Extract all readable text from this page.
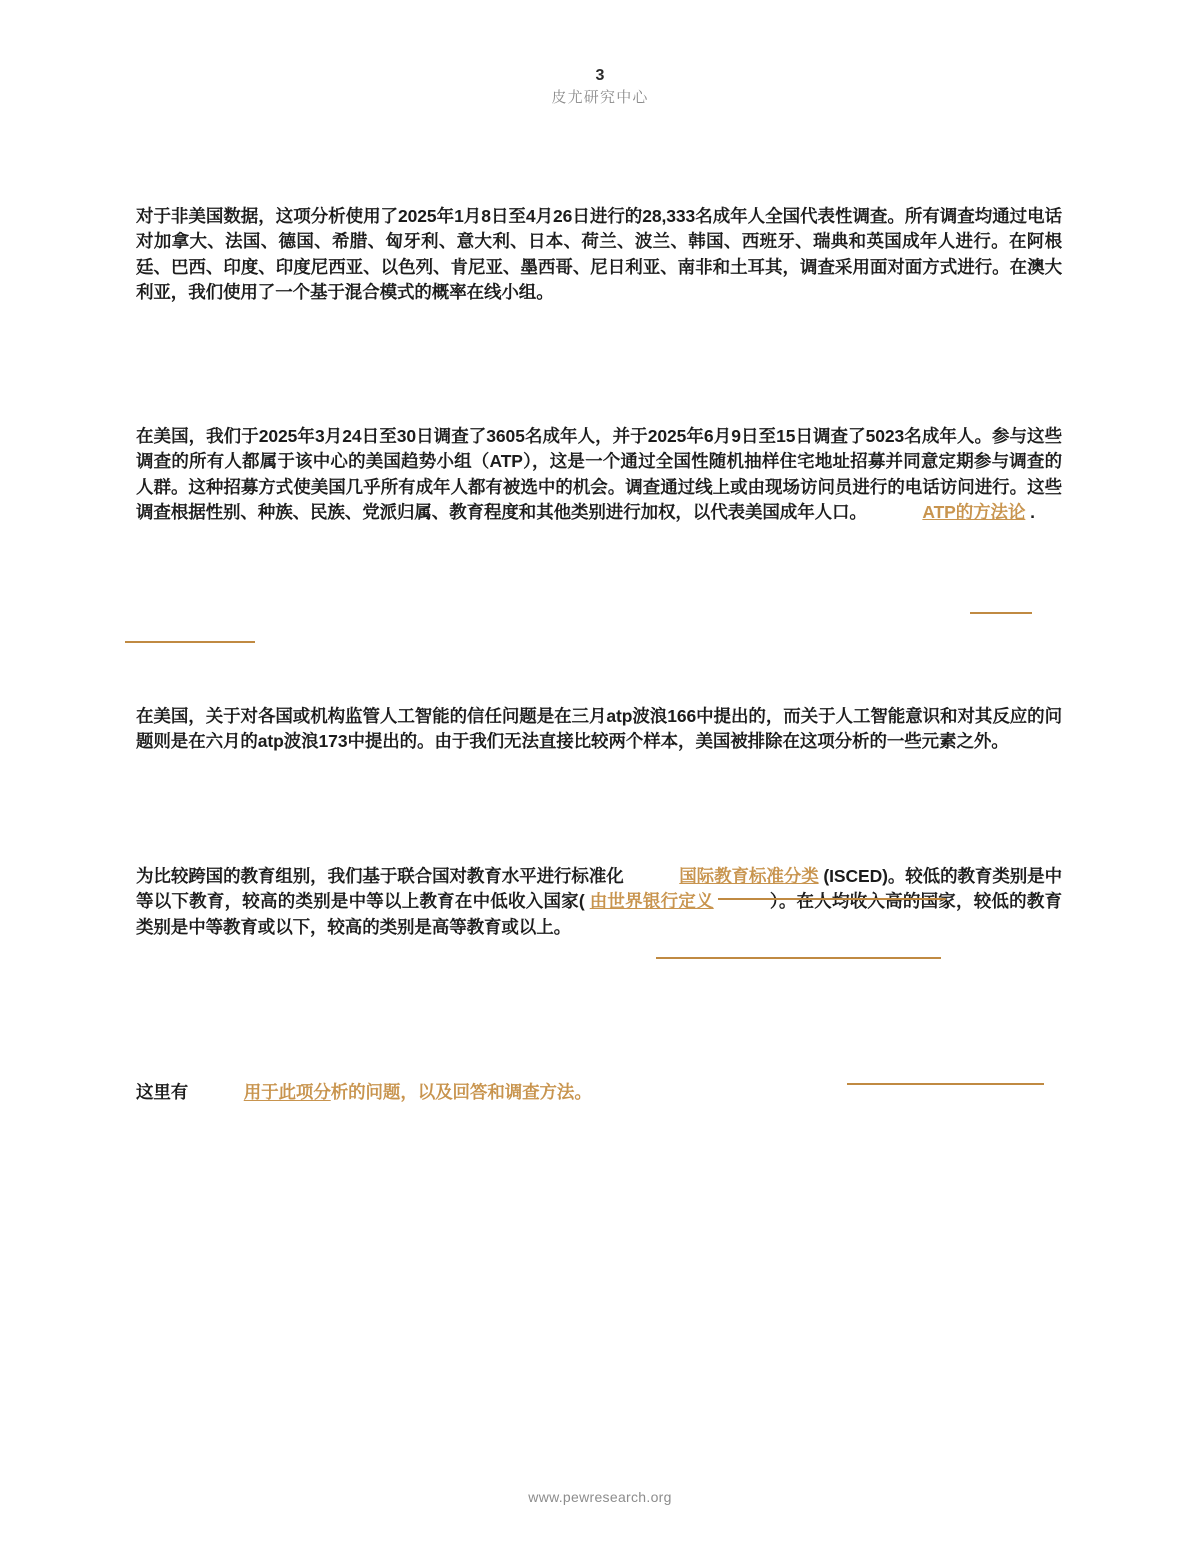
3
皮尤研究中心

对于非美国数据，这项分析使用了2025年1月8日至4月26日进行的28,333名成年人全国代表性调查。所有调查均通过电话对加拿大、法国、德国、希腊、匈牙利、意大利、日本、荷兰、波兰、韩国、西班牙、瑞典和英国成年人进行。在阿根廷、巴西、印度、印度尼西亚、以色列、肯尼亚、墨西哥、尼日利亚、南非和土耳其，调查采用面对面方式进行。在澳大利亚，我们使用了一个基于混合模式的概率在线小组。

在美国，我们于2025年3月24日至30日调查了3605名成年人，并于2025年6月9日至15日调查了5023名成年人。参与这些调查的所有人都属于该中心的美国趋势小组（ATP），这是一个通过全国性随机抽样住宅地址招募并同意定期参与调查的人群。这种招募方式使美国几乎所有成年人都有被选中的机会。调查通过线上或由现场访问员进行的电话访问进行。这些调查根据性别、种族、民族、党派归属、教育程度和其他类别进行加权，以代表美国成年人口。	ATP的方法论 .

在美国，关于对各国或机构监管人工智能的信任问题是在三月atp波浪166中提出的，而关于人工智能意识和对其反应的问题则是在六月的atp波浪173中提出的。由于我们无法直接比较两个样本，美国被排除在这项分析的一些元素之外。

为比较跨国的教育组别，我们基于联合国对教育水平进行标准化	国际教育标准分类 (ISCED)。较低的教育类别是中等以下教育，较高的类别是中等以上教育在中低收入国家( 由世界银行定义	）。在人均收入高的国家，较低的教育类别是中等教育或以下，较高的类别是高等教育或以上。

这里有	用于此项分析的问题，以及回答和调查方法。

www.pewresearch.org
